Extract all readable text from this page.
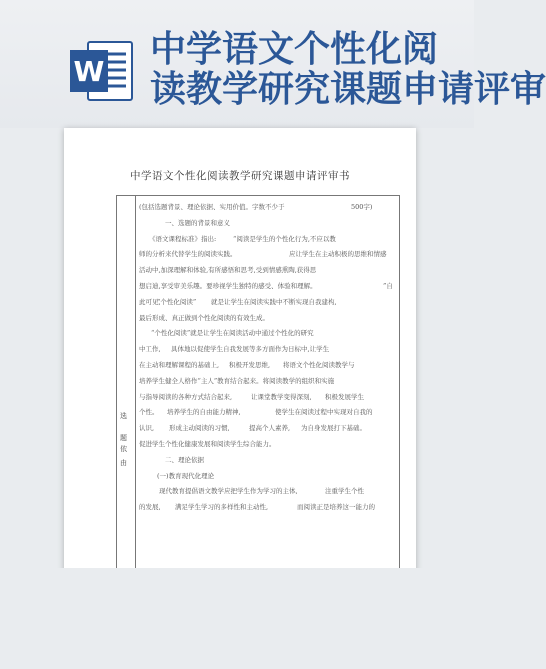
W
中学语文个性化阅
读教学研究课题申请评审
中学语文个性化阅读教学研究课题申请评审书
选
题
依
由
(包括选题背景、理论依据、实用价值。字数不少于	500字)
一、选题的背景和意义
《语文课程标准》指出:	“阅读是学生的个性化行为,不应以教
师的分析来代替学生的阅读实践。	应让学生在主动积极的思维和情感
活动中,加深理解和体验,有所感悟和思考,受到情感熏陶,获得思
想启迪,享受审美乐趣。要珍视学生独特的感受、体验和理解。	”自
此可见,
“个性化阅读” 就是让学生在阅读实践中不断实现自我建构,
最后形成、真正做到个性化阅读的有效生成。
“个性化阅读”就是让学生在阅读活动中通过个性化的研究
中工作, 具体地以促使学生自我发展等多方面作为日标中,让学生
在主动和理解课程的基础上, 积极开发思维, 将语文个性化阅读教学与
培养学生健全人格作“主人”教育结合起来。将阅读教学的组织和实施
与指导阅读的各种方式结合起来,	让课堂教学变得深刻, 积极发展学生
个性。 培养学生的自由能力精神,	使学生在阅读过程中实现对自我的
认识, 形成主动阅读的习惯,	提高个人素养, 为自身发展打下基础。
促进学生个性化健康发展和阅读学生综合能力。
二、理论依据
(一)教育现代化理论
现代教育提倡语文教学应把学生作为学习的主体,	注重学生个性
的发展, 满足学生学习的多样性和主动性,	而阅读正是培养这一能力的
